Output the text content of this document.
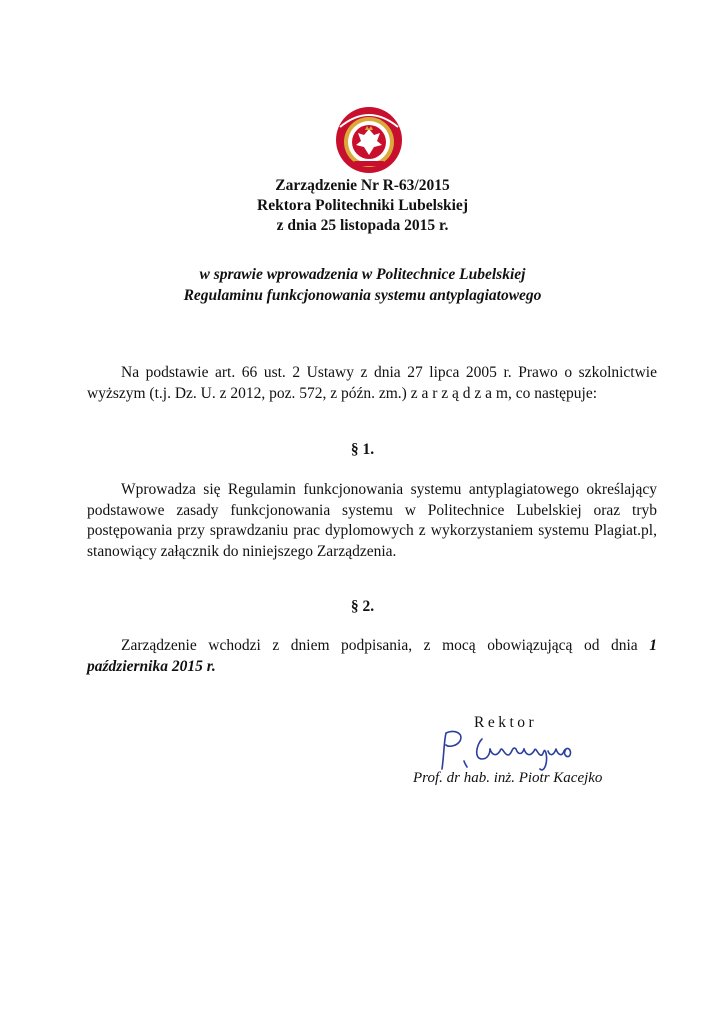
Zarządzenie Nr R-63/2015
Rektora Politechniki Lubelskiej
z dnia 25 listopada 2015 r.
w sprawie wprowadzenia w Politechnice Lubelskiej
Regulaminu funkcjonowania systemu antyplagiatowego
Na podstawie art. 66 ust. 2 Ustawy z dnia 27 lipca 2005 r. Prawo o szkolnictwie wyższym (t.j. Dz. U. z 2012, poz. 572, z późn. zm.) z a r z ą d z a m, co następuje:
§ 1.
Wprowadza się Regulamin funkcjonowania systemu antyplagiatowego określający podstawowe zasady funkcjonowania systemu w Politechnice Lubelskiej oraz tryb postępowania przy sprawdzaniu prac dyplomowych z wykorzystaniem systemu Plagiat.pl, stanowiący załącznik do niniejszego Zarządzenia.
§ 2.
Zarządzenie wchodzi z dniem podpisania, z mocą obowiązującą od dnia 1 października 2015 r.
Rektor
Prof. dr hab. inż. Piotr Kacejko
